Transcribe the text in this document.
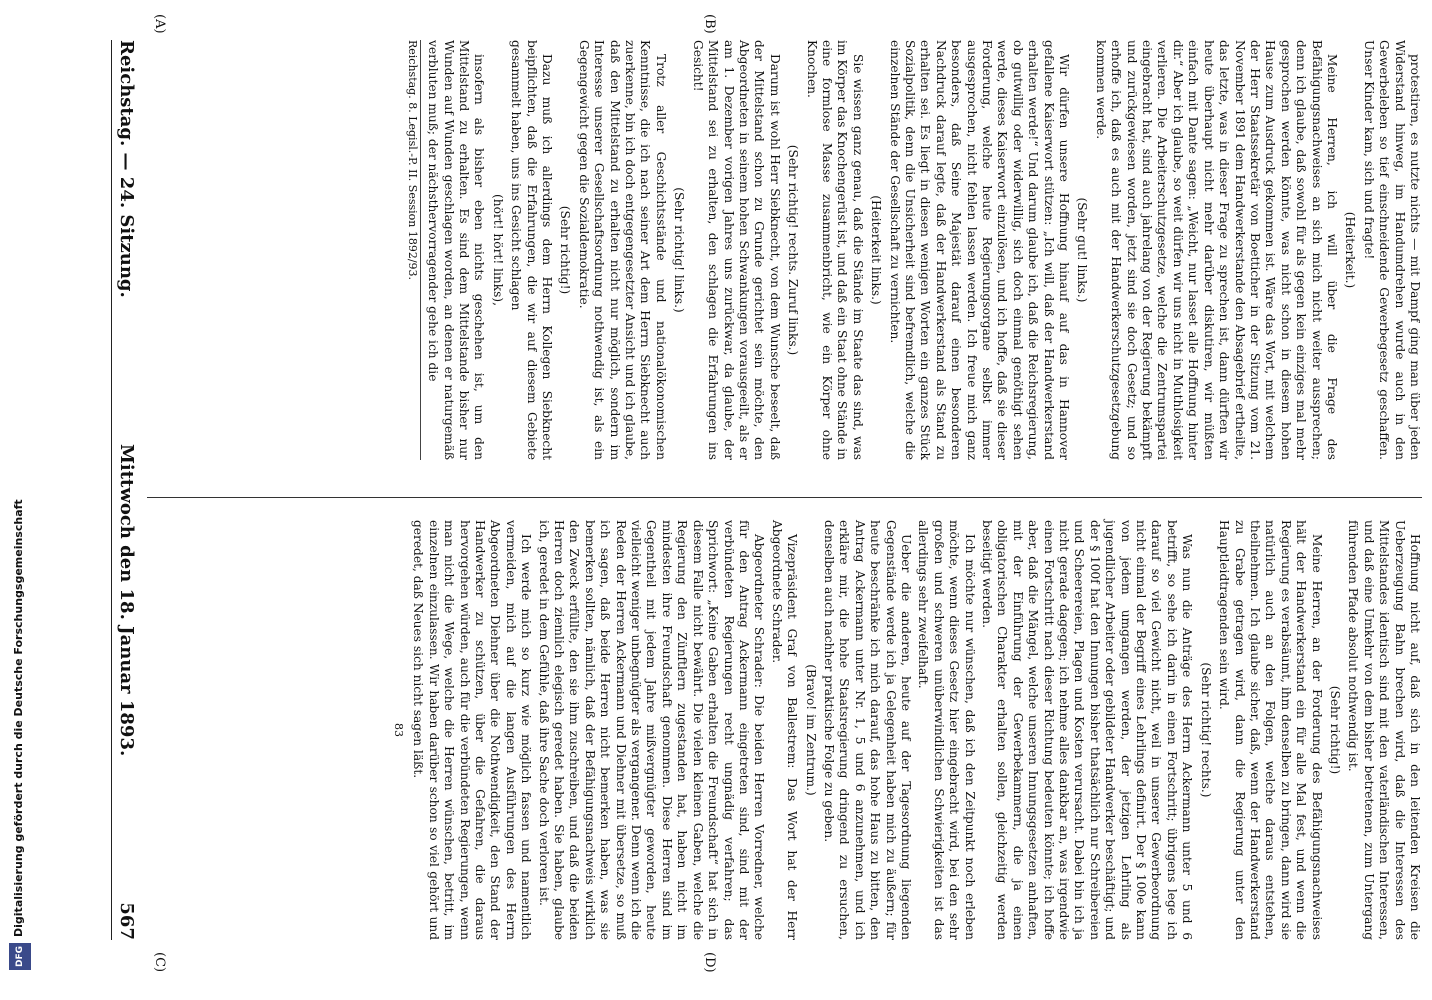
Reichstag. — 24. Sitzung.
Mittwoch den 18. Januar 1893.
567
(A)	(B)
(C)	(D)

protestiren, es nutzte nichts — mit Dampf ging man über jeden Widerstand hinweg, im Handumdrehen wurde auch in den Gewerbeleben so tief einschneidende Gewerbegesetz geschaffen. Unser Kinder kam, sich und fragte!

(Heiterkeit.)

Meine Herren, ich will über die Frage des Befähigungsnachweises an sich mich nicht weiter aussprechen; denn ich glaube, daß sowohl für als gegen kein einziges mal mehr gesprochen werden könnte, was nicht schon in diesem hohen Hause zum Ausdruck gekommen ist. Wäre das Wort, mit welchem der Herr Staatssekretär von Boetticher in der Sitzung vom 21. November 1891 dem Handwerkerstande den Absagebrief ertheilte, das letzte, was in dieser Frage zu sprechen ist, dann dürften wir heute überhaupt nicht mehr darüber diskutiren, wir müßten einfach mit Dante sagen: „Weicht, nur lasset alle Hoffnung hinter dir.“ Aber ich glaube, so weit dürfen wir uns nicht in Muthlosigkeit verlieren. Die Arbeiterschutzgesetze, welche die Zentrumspartei eingebracht hat, sind auch jahrelang von der Regierung bekämpft und zurückgewiesen worden, jetzt sind sie doch Gesetz; und so erhoffe ich, daß es auch mit der Handwerkerschutzgesetzgebung kommen werde.

(Sehr gut! links.)

Wir dürfen unsere Hoffnung hinauf auf das in Hannover gefallene Kaiserwort stützen: „Ich will, daß der Handwerkerstand erhalten werde!“ Und darum glaube ich, daß die Reichsregierung, ob gutwillig oder widerwillig, sich doch einmal genöthigt sehen werde, dieses Kaiserwort einzulösen, und ich hoffe, daß sie dieser Forderung, welche heute Regierungsorgane selbst immer ausgesprochen, nicht fehlen lassen werden. Ich freue mich ganz besonders, daß Seine Majestät darauf einen besonderen Nachdruck darauf legte, daß der Handwerkerstand als Stand zu erhalten sei. Es liegt in diesen wenigen Worten ein ganzes Stück Sozialpolitik, denn die Unsicherheit sind befremdlich, welche die einzelnen Stände der Gesellschaft zu vernichten.

(Heiterkeit links.)

Sie wissen ganz genau, daß die Stände im Staate das sind, was im Körper das Knochengerüst ist, und daß ein Staat ohne Stände in eine formlose Masse zusammenbricht, wie ein Körper ohne Knochen.

(Sehr richtig! rechts. Zuruf links.)

Darum ist wohl Herr Siebknecht, von dem Wunsche beseelt, daß der Mittelstand schon zu Grunde gerichtet sein möchte, den Abgeordneten in seinem hohen Schwankungen vorausgeeilt, als er am 1. Dezember vorigen Jahres uns zurückwar, da glaube, der Mittelstand sei zu erhalten, den schlagen die Erfahrungen ins Gesicht!

(Sehr richtig! links.)

Trotz aller Geschichtsstände und nationalökonomischen Kenntnisse, die ich nach seiner Art dem Herrn Siebknecht auch zuerkenne, bin ich doch entgegengesetzter Ansicht und ich glaube, daß den Mittelstand zu erhalten nicht nur möglich, sondern im Interesse unserer Gesellschaftsordnung nothwendig ist, als ein Gegengewicht gegen die Sozialdemokratie.

(Sehr richtig!)

Dazu muß ich allerdings dem Herrn Kollegen Siebknecht beipflichten, daß die Erfahrungen, die wir auf diesem Gebiete gesammelt haben, uns ins Gesicht schlagen

(hört! hört! links),

insofern als bisher eben nichts geschehen ist, um den Mittelstand zu erhalten. Es sind dem Mittelstande bisher nur Wunden auf Wunden geschlagen worden, an denen er naturgemäß verbluten muß; der nächsthervorragender gehe ich die

Reichstag. 8. Legisl.-P. II. Session 1892/93.

Hoffnung nicht auf, daß sich in den leitenden Kreisen die Ueberzeugung Bahn brechen wird, daß die Interessen des Mittelstandes identisch sind mit den vaterländischen Interessen, und daß eine Umkehr von dem bisher betretenen, zum Untergang führenden Pfade absolut nothwendig ist.

(Sehr richtig!)

Meine Herren, an der Forderung des Befähigungsnachweises hält der Handwerkerstand ein für alle Mal fest, und wenn die Regierung es verabsäumt, ihm denselben zu bringen, dann wird sie natürlich auch an den Folgen, welche daraus entstehen, theilnehmen. Ich glaube sicher, daß, wenn der Handwerkerstand zu Grabe getragen wird, dann die Regierung unter den Hauptleidtragenden sein wird.

(Sehr richtig! rechts.)

Was nun die Anträge des Herrn Ackermann unter 5 und 6 betrifft, so sehe ich darin in einen Fortschritt; übrigens lege ich darauf so viel Gewicht nicht, weil in unserer Gewerbeordnung nicht einmal der Begriff eines Lehrlings definirt. Der § 100e kann von jedem umgangen werden, der jetzigen Lehrling als jugendlicher Arbeiter oder gebildeter Handwerker beschäftigt; und der § 100f hat den Innungen bisher thatsächlich nur Schreibereien und Scheerereien, Plagen und Kosten verursacht. Dabei bin ich ja nicht gerade dagegen; ich nehme alles dankbar an, was irgendwie einen Fortschritt nach dieser Richtung bedeuten könnte; ich hoffe aber, daß die Mängel, welche unseren Innungsgesetzen anhaften, mit der Einführung der Gewerbekammern, die ja einen obligatorischen Charakter erhalten sollen, gleichzeitig werden beseitigt werden.

Ich möchte nur wünschen, daß ich den Zeitpunkt noch erleben möchte, wenn dieses Gesetz hier eingebracht wird, bei den sehr großen und schweren unüberwindlichen Schwierigkeiten ist das allerdings sehr zweifelhaft.

Ueber die anderen, heute auf der Tagesordnung liegenden Gegenstände werde ich ja Gelegenheit haben mich zu äußern; für heute beschränke ich mich darauf, das hohe Haus zu bitten, den Antrag Ackermann unter Nr. 1, 5 und 6 anzunehmen, und ich erkläre mir, die hohe Staatsregierung dringend zu ersuchen, denselben auch nachher praktische Folge zu geben.

(Bravo! im Zentrum.)

Vizepräsident Graf von Ballestrem: Das Wort hat der Herr Abgeordnete Schrader.

Abgeordneter Schrader: Die beiden Herren Vorredner, welche für den Antrag Ackermann eingetreten sind, sind mit der verbündeten Regierungen recht ungnädig verfahren; das Sprichwort: „Keine Gaben erhalten die Freundschaft“ hat sich in diesem Falle nicht bewährt. Die vielen kleinen Gaben, welche die Regierung den Zünftlern zugestanden hat, haben nicht im mindesten ihre Freundschaft genommen. Diese Herren sind im Gegentheil mit jedem Jahre mißvergnügter geworden, heute vielleicht weniger unbegnügter als vergangener. Denn wenn ich die Reden der Herren Ackermann und Diehner mit übersetze, so muß ich sagen, daß beide Herren nicht bemerken haben, was sie bemerken sollten, nämlich, daß der Befähigungsnachweis wirklich den Zweck erfüllte, den sie ihm zuschreiben, und daß die beiden Herren doch ziemlich elegisch geredet haben. Sie haben, glaube ich, geredet in dem Gefühle, daß ihre Sache doch verloren ist.

Ich werde mich so kurz wie möglich fassen und namentlich vermeiden, mich auf die langen Ausführungen des Herrn Abgeordneten Diehner über die Nothwendigkeit, den Stand der Handwerker zu schützen, über die Gefahren, die daraus hervorgehen würden, auch für die verbündeten Regierungen, wenn man nicht die Wege, welche die Herren wünschen, betritt, im einzelnen einzulassen. Wir haben darüber schon so viel gehört und geredet, daß Neues sich nicht sagen läßt.

83

DFGDigitalisierung gefördert durch die Deutsche Forschungsgemeinschaft
